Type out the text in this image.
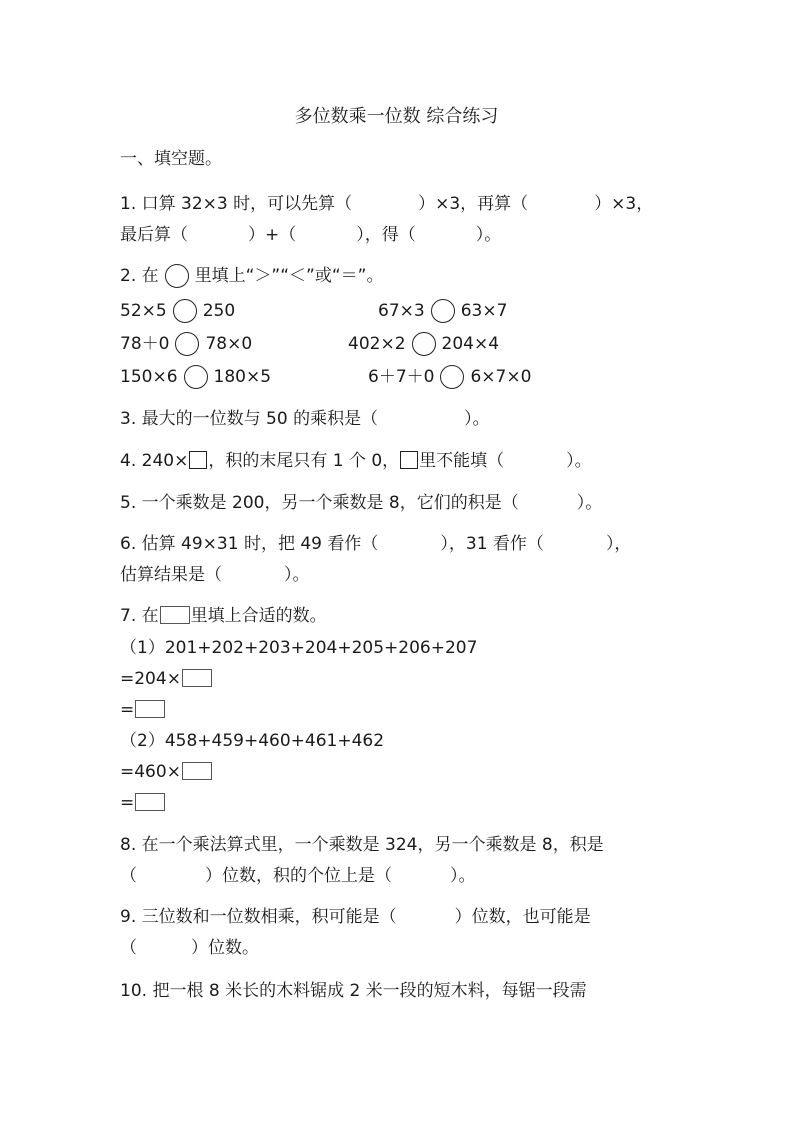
多位数乘一位数 综合练习
一、填空题。
1. 口算 32×3 时，可以先算（	）×3，再算（	）×3，
最后算（	）+（	），得（	）。
2. 在 里填上“＞”“＜”或“＝”。
52×5 250	67×3 63×7
78＋0 78×0	402×2 204×4
150×6 180×5	6＋7＋0 6×7×0
3. 最大的一位数与 50 的乘积是（	）。
4. 240× ，积的末尾只有 1 个 0， 里不能填（	）。
5. 一个乘数是 200，另一个乘数是 8，它们的积是（	）。
6. 估算 49×31 时，把 49 看作（	），31 看作（	），
估算结果是（	）。
7. 在 里填上合适的数。
（1）201+202+203+204+205+206+207
=204×
=
（2）458+459+460+461+462
=460×
=
8. 在一个乘法算式里，一个乘数是 324，另一个乘数是 8，积是
（	）位数，积的个位上是（	）。
9. 三位数和一位数相乘，积可能是（	）位数，也可能是
（	）位数。
10. 把一根 8 米长的木料锯成 2 米一段的短木料，每锯一段需
